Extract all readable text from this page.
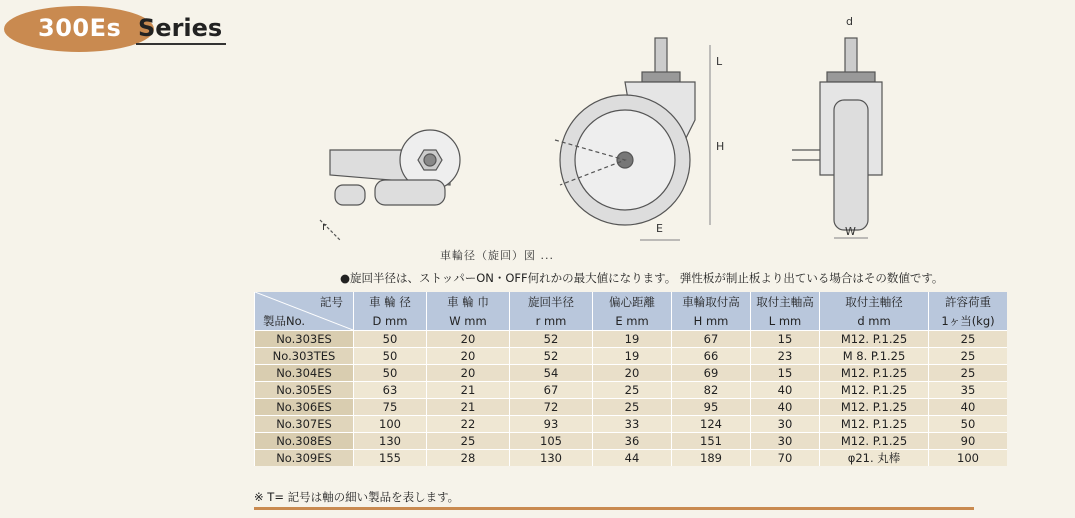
300Es Series
L
H
E	W
d
r
車輪径（旋回）図 ...
●旋回半径は、ストッパーON・OFF何れかの最大値になります。 弾性板が制止板より出ている場合はその数値です。
記号
製品No.	車 輪 径	車 輪 巾	旋回半径	偏心距離	車輪取付高	取付主軸高	取付主軸径	許容荷重
	D mm	W mm	r mm	E mm	H mm	L mm	d mm	1ヶ当(kg)
No.303ES	50	20	52	19	67	15	M12. P.1.25	25
No.303TES	50	20	52	19	66	23	M 8. P.1.25	25
No.304ES	50	20	54	20	69	15	M12. P.1.25	25
No.305ES	63	21	67	25	82	40	M12. P.1.25	35
No.306ES	75	21	72	25	95	40	M12. P.1.25	40
No.307ES	100	22	93	33	124	30	M12. P.1.25	50
No.308ES	130	25	105	36	151	30	M12. P.1.25	90
No.309ES	155	28	130	44	189	70	φ21. 丸棒	100
※ T= 記号は軸の細い製品を表します。
